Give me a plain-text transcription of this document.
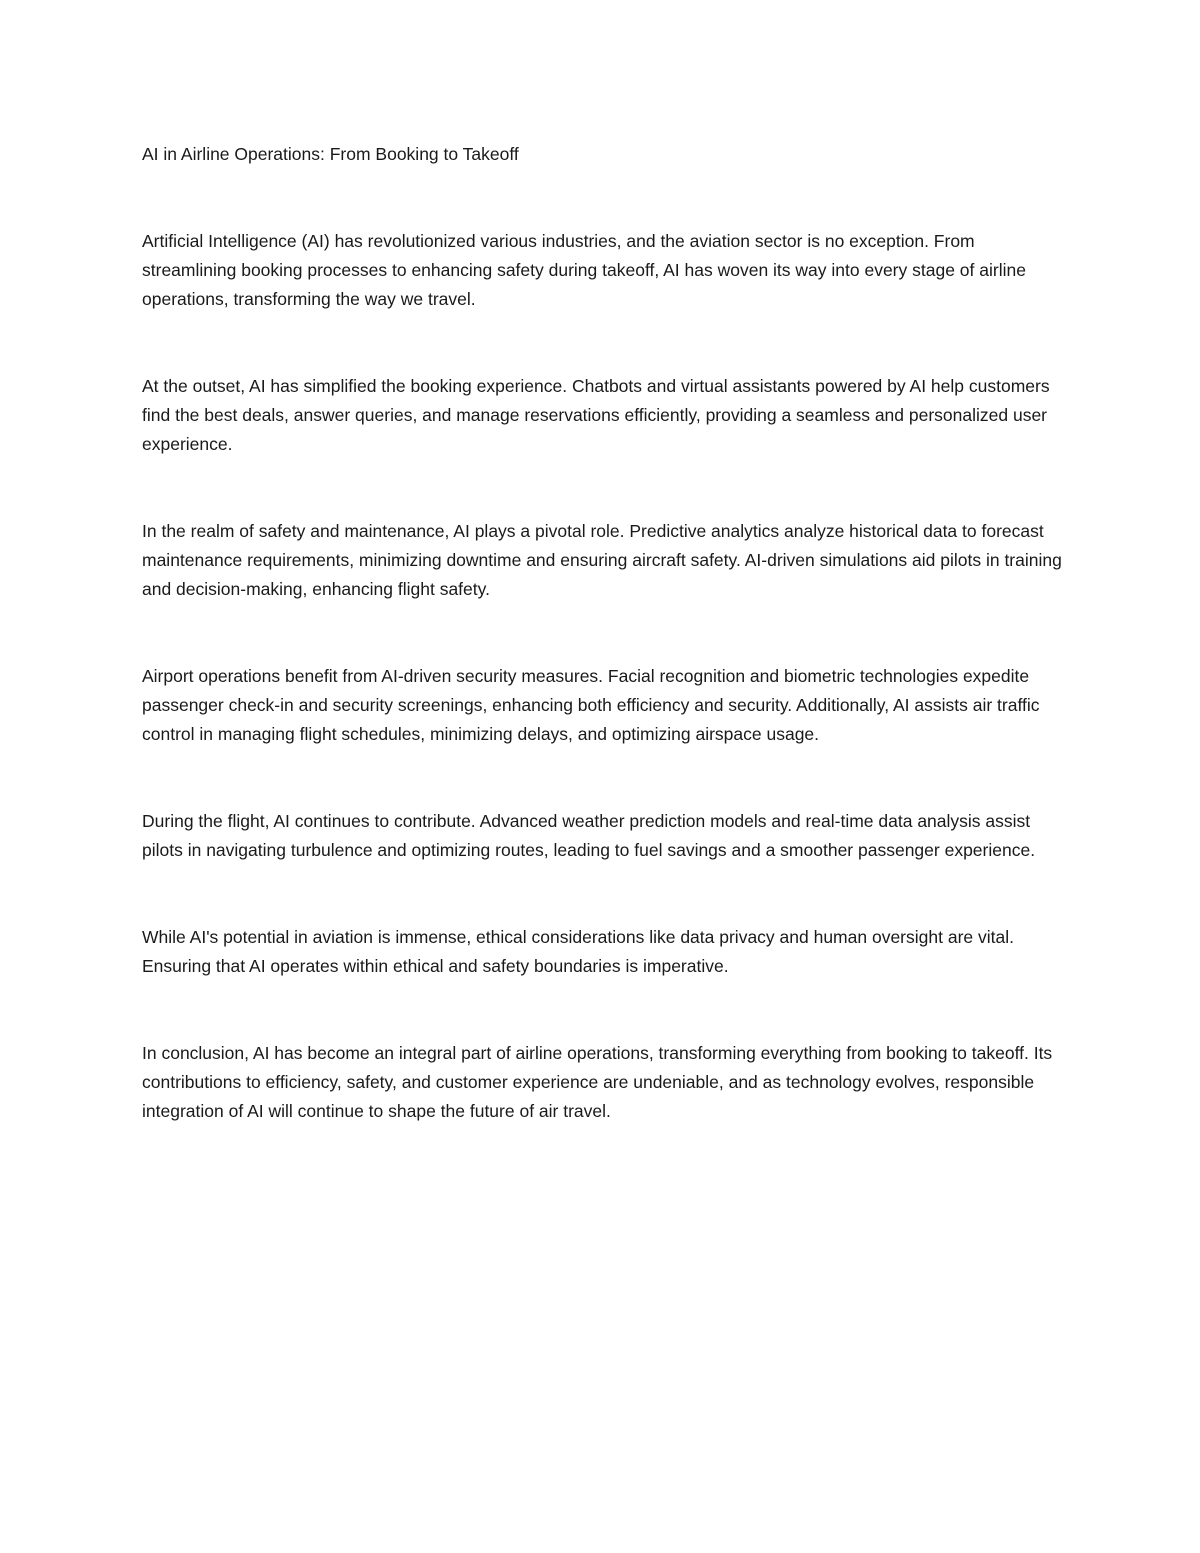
AI in Airline Operations: From Booking to Takeoff

Artificial Intelligence (AI) has revolutionized various industries, and the aviation sector is no exception. From streamlining booking processes to enhancing safety during takeoff, AI has woven its way into every stage of airline operations, transforming the way we travel.

At the outset, AI has simplified the booking experience. Chatbots and virtual assistants powered by AI help customers find the best deals, answer queries, and manage reservations efficiently, providing a seamless and personalized user experience.

In the realm of safety and maintenance, AI plays a pivotal role. Predictive analytics analyze historical data to forecast maintenance requirements, minimizing downtime and ensuring aircraft safety. AI-driven simulations aid pilots in training and decision-making, enhancing flight safety.

Airport operations benefit from AI-driven security measures. Facial recognition and biometric technologies expedite passenger check-in and security screenings, enhancing both efficiency and security. Additionally, AI assists air traffic control in managing flight schedules, minimizing delays, and optimizing airspace usage.

During the flight, AI continues to contribute. Advanced weather prediction models and real-time data analysis assist pilots in navigating turbulence and optimizing routes, leading to fuel savings and a smoother passenger experience.

While AI's potential in aviation is immense, ethical considerations like data privacy and human oversight are vital. Ensuring that AI operates within ethical and safety boundaries is imperative.

In conclusion, AI has become an integral part of airline operations, transforming everything from booking to takeoff. Its contributions to efficiency, safety, and customer experience are undeniable, and as technology evolves, responsible integration of AI will continue to shape the future of air travel.
